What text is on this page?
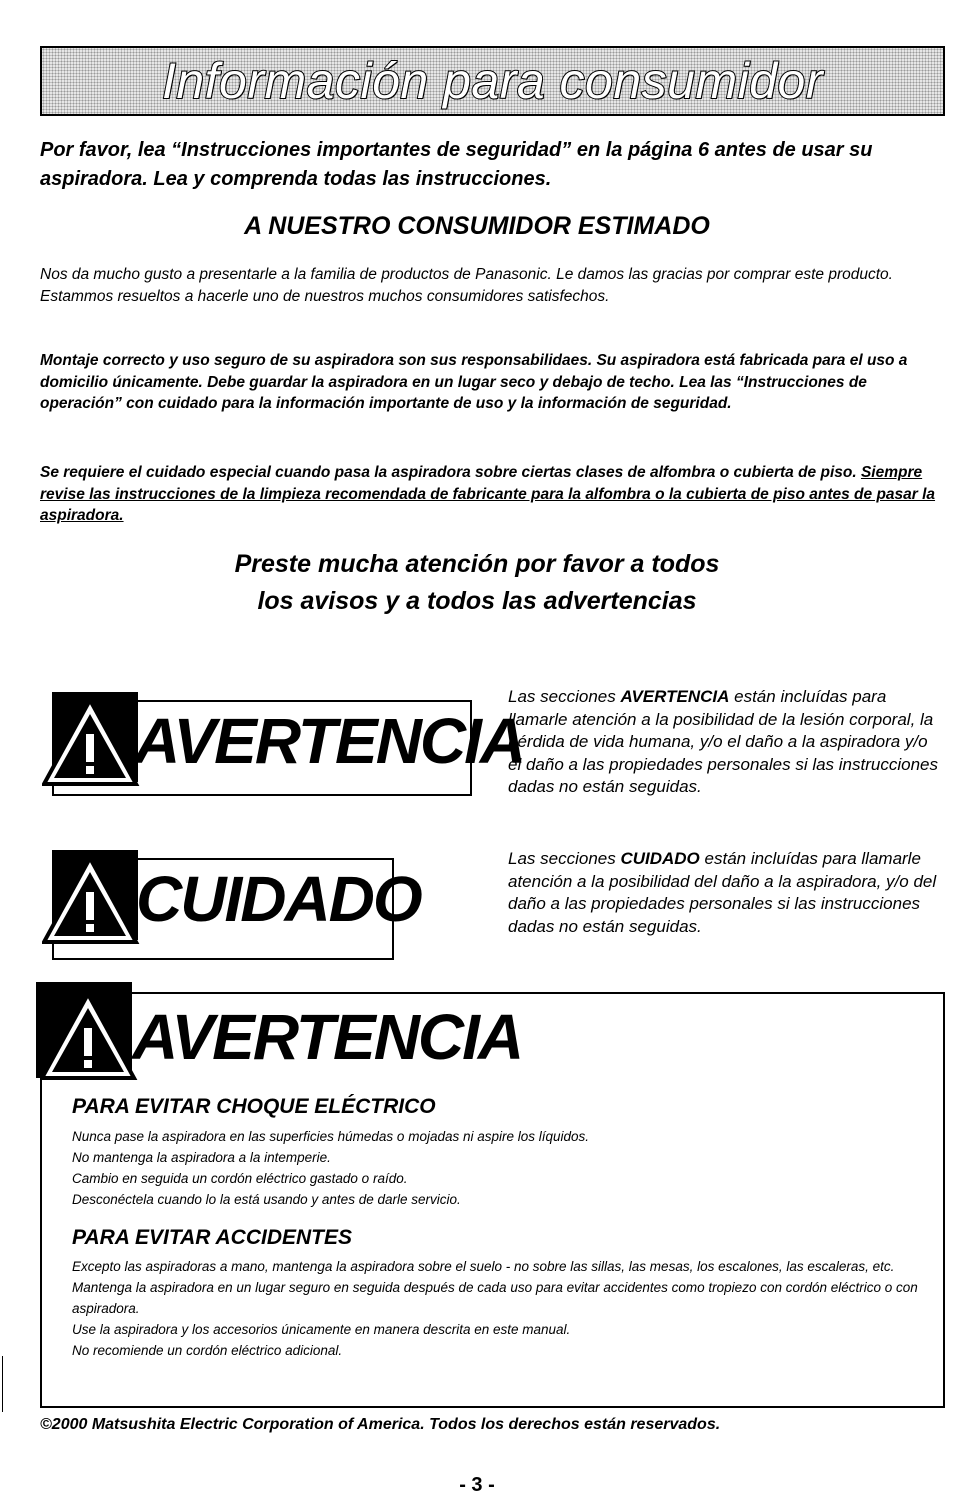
Información para consumidor
Por favor, lea “Instrucciones importantes de seguridad” en la página 6 antes de usar su aspiradora. Lea y comprenda todas las instrucciones.
A NUESTRO CONSUMIDOR ESTIMADO
Nos da mucho gusto a presentarle a la familia de productos de Panasonic. Le damos las gracias por comprar este producto. Estammos resueltos a hacerle uno de nuestros muchos consumidores satisfechos.
Montaje correcto y uso seguro de su aspiradora son sus responsabilidaes. Su aspiradora está fabricada para el uso a domicilio únicamente. Debe guardar la aspiradora en un lugar seco y debajo de techo. Lea las “Instrucciones de operación” con cuidado para la información importante de uso y la información de seguridad.
Se requiere el cuidado especial cuando pasa la aspiradora sobre ciertas clases de alfombra o cubierta de piso. Siempre revise las instrucciones de la limpieza recomendada de fabricante para la alfombra o la cubierta de piso antes de pasar la aspiradora.
Preste mucha atención por favor a todos
los avisos y a todos las advertencias
AVERTENCIA
Las secciones AVERTENCIA están incluídas para llamarle atención a la posibilidad de la lesión corporal, la pérdida de vida humana, y/o el daño a la aspiradora y/o el daño a las propiedades personales si las instrucciones dadas no están seguidas.
CUIDADO
Las secciones CUIDADO están incluídas para llamarle atención a la posibilidad del daño a la aspiradora, y/o del daño a las propiedades personales si las instrucciones dadas no están seguidas.
AVERTENCIA
PARA EVITAR CHOQUE ELÉCTRICO
Nunca pase la aspiradora en las superficies húmedas o mojadas ni aspire los líquidos.
No mantenga la aspiradora a la intemperie.
Cambio en seguida un cordón eléctrico gastado o raído.
Desconéctela cuando lo la está usando y antes de darle servicio.
PARA EVITAR ACCIDENTES
Excepto las aspiradoras a mano, mantenga la aspiradora sobre el suelo - no sobre las sillas, las mesas, los escalones, las escaleras, etc.
Mantenga la aspiradora en un lugar seguro en seguida después de cada uso para evitar accidentes como tropiezo con cordón eléctrico o con aspiradora.
Use la aspiradora y los accesorios únicamente en manera descrita en este manual.
No recomiende un cordón eléctrico adicional.
©2000 Matsushita Electric Corporation of America. Todos los derechos están reservados.
- 3 -
